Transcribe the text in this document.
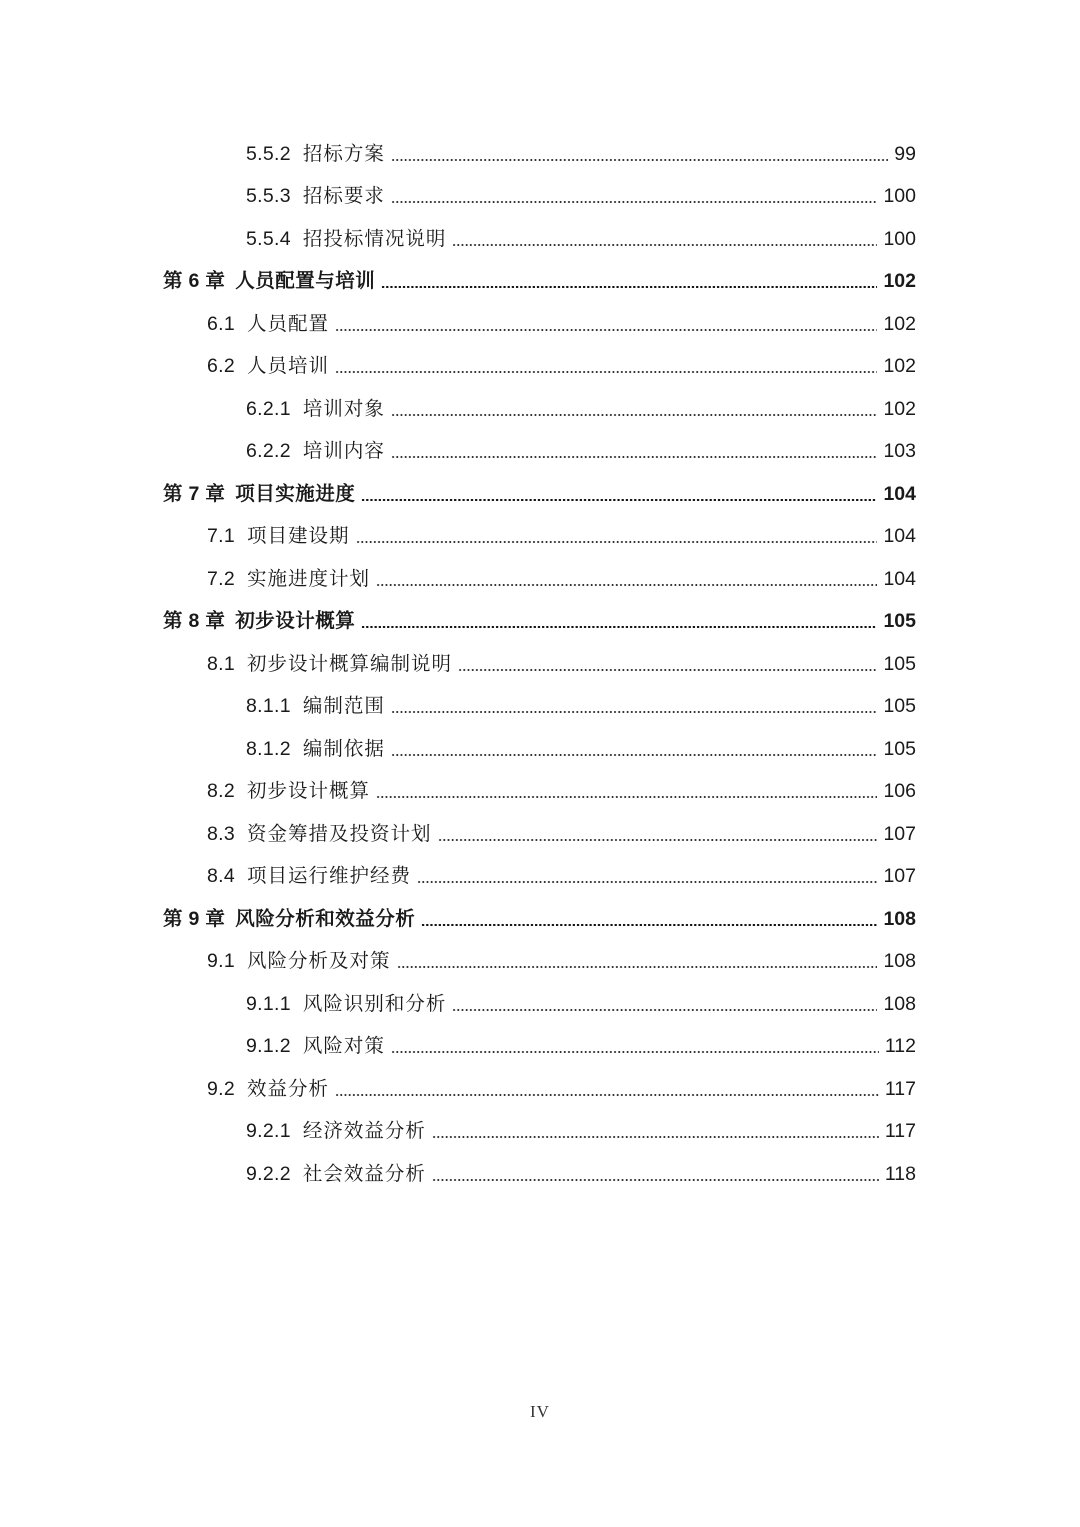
5.5.2 招标方案	99
5.5.3 招标要求	100
5.5.4 招投标情况说明	100
第 6 章 人员配置与培训	102
6.1 人员配置	102
6.2 人员培训	102
6.2.1 培训对象	102
6.2.2 培训内容	103
第 7 章 项目实施进度	104
7.1 项目建设期	104
7.2 实施进度计划	104
第 8 章 初步设计概算	105
8.1 初步设计概算编制说明	105
8.1.1 编制范围	105
8.1.2 编制依据	105
8.2 初步设计概算	106
8.3 资金筹措及投资计划	107
8.4 项目运行维护经费	107
第 9 章 风险分析和效益分析	108
9.1 风险分析及对策	108
9.1.1 风险识别和分析	108
9.1.2 风险对策	112
9.2 效益分析	117
9.2.1 经济效益分析	117
9.2.2 社会效益分析	118
IV
